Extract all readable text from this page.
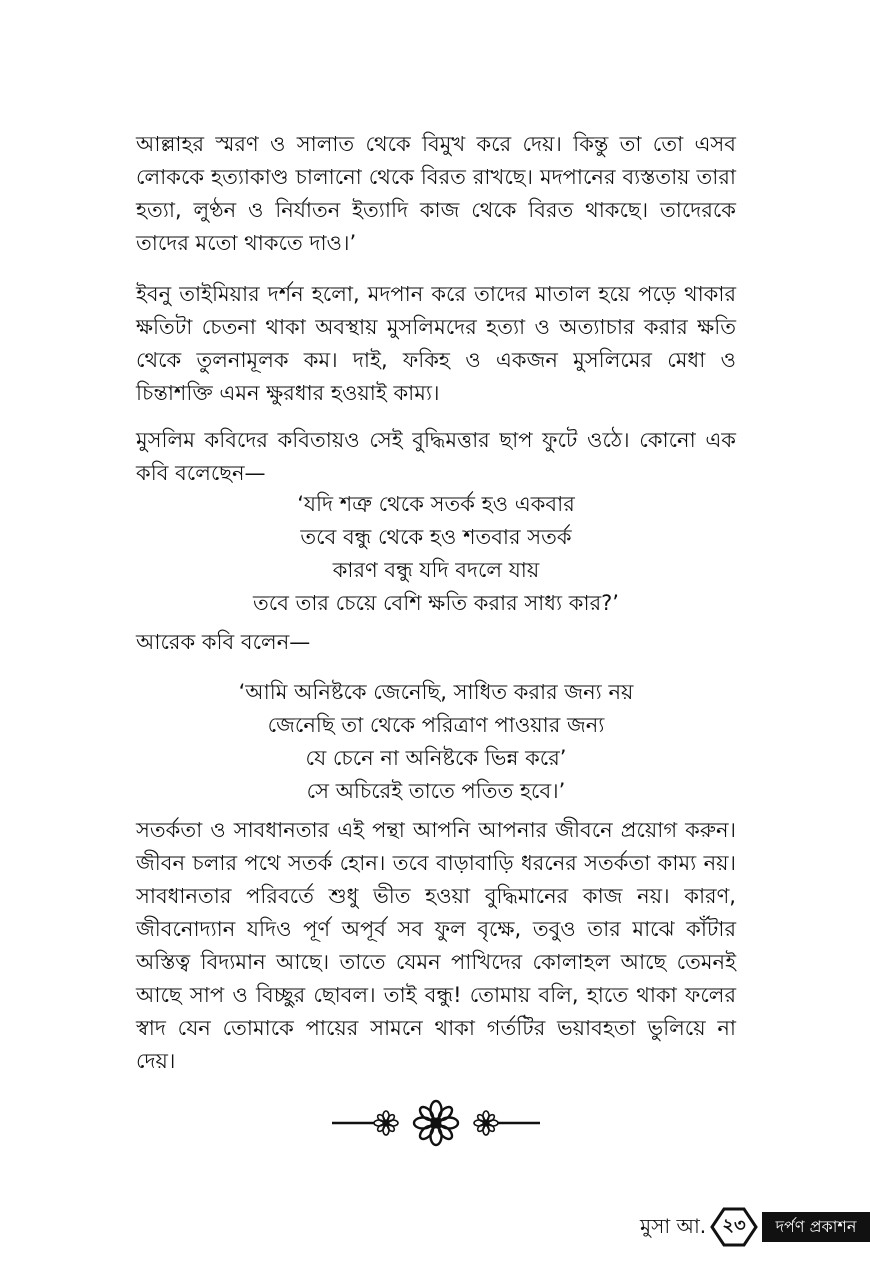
আল্লাহর স্মরণ ও সালাত থেকে বিমুখ করে দেয়। কিন্তু তা তো এসব লোককে হত্যাকাণ্ড চালানো থেকে বিরত রাখছে। মদপানের ব্যস্ততায় তারা হত্যা, লুণ্ঠন ও নির্যাতন ইত্যাদি কাজ থেকে বিরত থাকছে। তাদেরকে তাদের মতো থাকতে দাও।’

ইবনু তাইমিয়ার দর্শন হলো, মদপান করে তাদের মাতাল হয়ে পড়ে থাকার ক্ষতিটা চেতনা থাকা অবস্থায় মুসলিমদের হত্যা ও অত্যাচার করার ক্ষতি থেকে তুলনামূলক কম। দাই, ফকিহ ও একজন মুসলিমের মেধা ও চিন্তাশক্তি এমন ক্ষুরধার হওয়াই কাম্য।

মুসলিম কবিদের কবিতায়ও সেই বুদ্ধিমত্তার ছাপ ফুটে ওঠে। কোনো এক কবি বলেছেন—

‘যদি শত্রু থেকে সতর্ক হও একবার
তবে বন্ধু থেকে হও শতবার সতর্ক
কারণ বন্ধু যদি বদলে যায়
তবে তার চেয়ে বেশি ক্ষতি করার সাধ্য কার?’
আরেক কবি বলেন—
‘আমি অনিষ্টকে জেনেছি, সাধিত করার জন্য নয়
জেনেছি তা থেকে পরিত্রাণ পাওয়ার জন্য
যে চেনে না অনিষ্টকে ভিন্ন করে’
সে অচিরেই তাতে পতিত হবে।’

সতর্কতা ও সাবধানতার এই পন্থা আপনি আপনার জীবনে প্রয়োগ করুন। জীবন চলার পথে সতর্ক হোন। তবে বাড়াবাড়ি ধরনের সতর্কতা কাম্য নয়। সাবধানতার পরিবর্তে শুধু ভীত হওয়া বুদ্ধিমানের কাজ নয়। কারণ, জীবনোদ্যান যদিও পূর্ণ অপূর্ব সব ফুল বৃক্ষে, তবুও তার মাঝে কাঁটার অস্তিত্ব বিদ্যমান আছে। তাতে যেমন পাখিদের কোলাহল আছে তেমনই আছে সাপ ও বিচ্ছুর ছোবল। তাই বন্ধু! তোমায় বলি, হাতে থাকা ফলের স্বাদ যেন তোমাকে পায়ের সামনে থাকা গর্তটির ভয়াবহতা ভুলিয়ে না দেয়।

মুসা আ. ২৩	দর্পণ প্রকাশন
